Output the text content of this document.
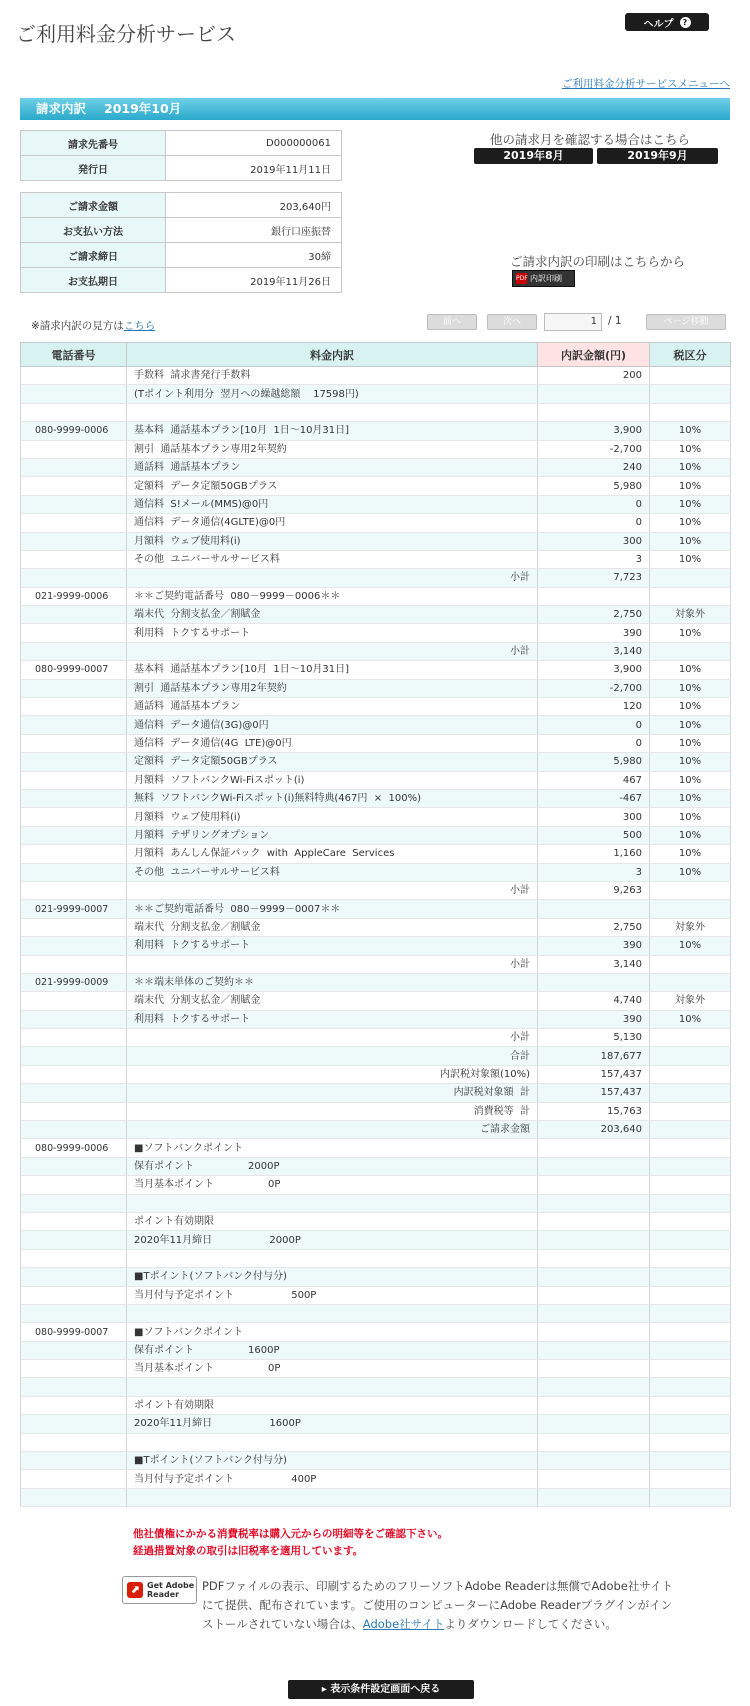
ご利用料金分析サービス	ヘルプ	?
ご利用料金分析サービスメニューへ
請求内訳 2019年10月
請求先番号	D000000061
発行日	2019年11月11日
ご請求金額	203,640円
お支払い方法	銀行口座振替
ご請求締日	30締
お支払期日	2019年11月26日
他の請求月を確認する場合はこちら
2019年8月	2019年9月
ご請求内訳の印刷はこちらから
PDF 内訳印刷
※請求内訳の見方はこちら	前へ	次へ	1	/ 1	ページ移動
電話番号	料金内訳	内訳金額(円)	税区分
	手数料  請求書発行手数料	200	
	(Tポイント利用分  翌月への繰越総額    17598円)		

080-9999-0006	基本料  通話基本プラン[10月  1日～10月31日]	3,900	10%
	割引  通話基本プラン専用2年契約	-2,700	10%
	通話料  通話基本プラン	240	10%
	定額料  データ定額50GBプラス	5,980	10%
	通信料  S!メール(MMS)@0円	0	10%
	通信料  データ通信(4GLTE)@0円	0	10%
	月額料  ウェブ使用料(i)	300	10%
	その他  ユニバーサルサービス料	3	10%
	小計	7,723	
021-9999-0006	＊＊ご契約電話番号  080－9999－0006＊＊		
	端末代  分割支払金／割賦金	2,750	対象外
	利用料  トクするサポート	390	10%
	小計	3,140	
080-9999-0007	基本料  通話基本プラン[10月  1日～10月31日]	3,900	10%
	割引  通話基本プラン専用2年契約	-2,700	10%
	通話料  通話基本プラン	120	10%
	通信料  データ通信(3G)@0円	0	10%
	通信料  データ通信(4G  LTE)@0円	0	10%
	定額料  データ定額50GBプラス	5,980	10%
	月額料  ソフトバンクWi-Fiスポット(i)	467	10%
	無料  ソフトバンクWi-Fiスポット(i)無料特典(467円  ×  100%)	-467	10%
	月額料  ウェブ使用料(i)	300	10%
	月額料  テザリングオプション	500	10%
	月額料  あんしん保証パック  with  AppleCare  Services	1,160	10%
	その他  ユニバーサルサービス料	3	10%
	小計	9,263	
021-9999-0007	＊＊ご契約電話番号  080－9999－0007＊＊		
	端末代  分割支払金／割賦金	2,750	対象外
	利用料  トクするサポート	390	10%
	小計	3,140	
021-9999-0009	＊＊端末単体のご契約＊＊		
	端末代  分割支払金／割賦金	4,740	対象外
	利用料  トクするサポート	390	10%
	小計	5,130	
	合計	187,677	
	内訳税対象額(10%)	157,437	
	内訳税対象額  計	157,437	
	消費税等  計	15,763	
	ご請求金額	203,640	
080-9999-0006	■ソフトバンクポイント		
	保有ポイント                 2000P		
	当月基本ポイント                 0P		

	ポイント有効期限		
	2020年11月締日                  2000P		

	■Tポイント(ソフトバンク付与分)		
	当月付与予定ポイント                  500P		

080-9999-0007	■ソフトバンクポイント		
	保有ポイント                 1600P		
	当月基本ポイント                 0P		

	ポイント有効期限		
	2020年11月締日                  1600P		

	■Tポイント(ソフトバンク付与分)		
	当月付与予定ポイント                  400P		

他社債権にかかる消費税率は購入元からの明細等をご確認下さい。
経過措置対象の取引は旧税率を適用しています。
⬈ Get Adobe
Reader
PDFファイルの表示、印刷するためのフリーソフトAdobe Readerは無償でAdobe社サイトにて提供、配布されています。ご使用のコンピューターにAdobe Readerプラグインがインストールされていない場合は、Adobe社サイトよりダウンロードしてください。
▸ 表示条件設定画面へ戻る
